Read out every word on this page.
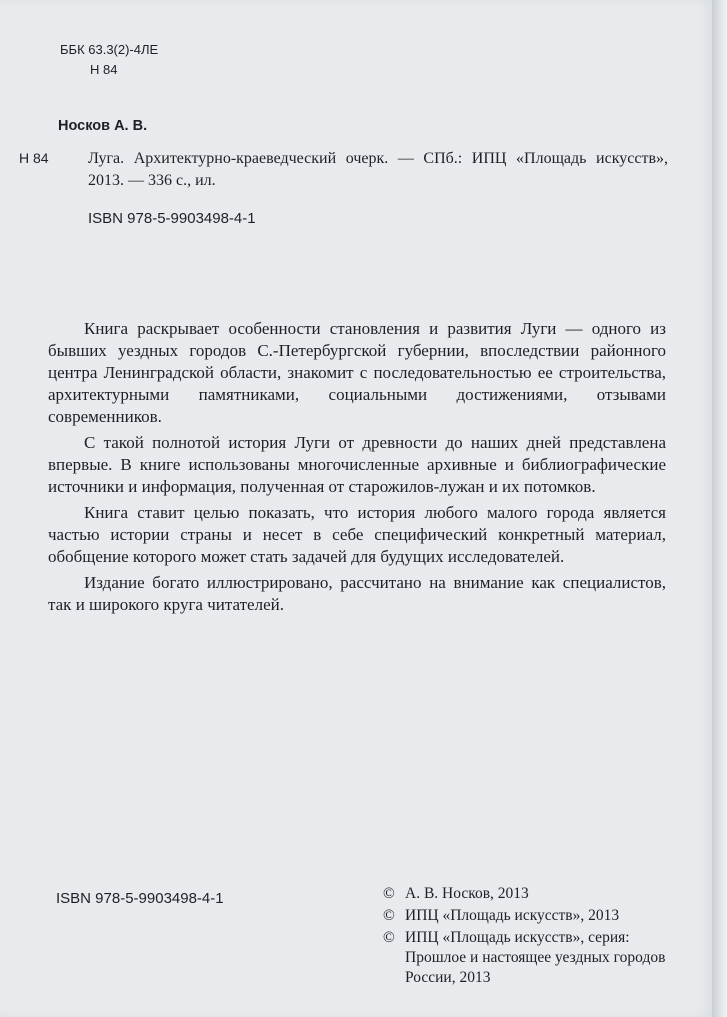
ББК 63.3(2)-4ЛЕ
Н 84
Носков А. В.
Н 84 Луга. Архитектурно-краеведческий очерк. — СПб.: ИПЦ «Площадь искусств», 2013. — 336 с., ил.
ISBN 978-5-9903498-4-1

Книга раскрывает особенности становления и развития Луги — одного из бывших уездных городов С.-Петербургской губернии, впоследствии районного центра Ленинградской области, знакомит с последовательностью ее строительства, архитектурными памятниками, социальными достижениями, отзывами современников.

С такой полнотой история Луги от древности до наших дней представлена впервые. В книге использованы многочисленные архивные и библиографические источники и информация, полученная от старожилов-лужан и их потомков.

Книга ставит целью показать, что история любого малого города является частью истории страны и несет в себе специфический конкретный материал, обобщение которого может стать задачей для будущих исследователей.

Издание богато иллюстрировано, рассчитано на внимание как специалистов, так и широкого круга читателей.

ISBN 978-5-9903498-4-1	© А. В. Носков, 2013
© ИПЦ «Площадь искусств», 2013
© ИПЦ «Площадь искусств», серия: Прошлое и настоящее уездных городов России, 2013
